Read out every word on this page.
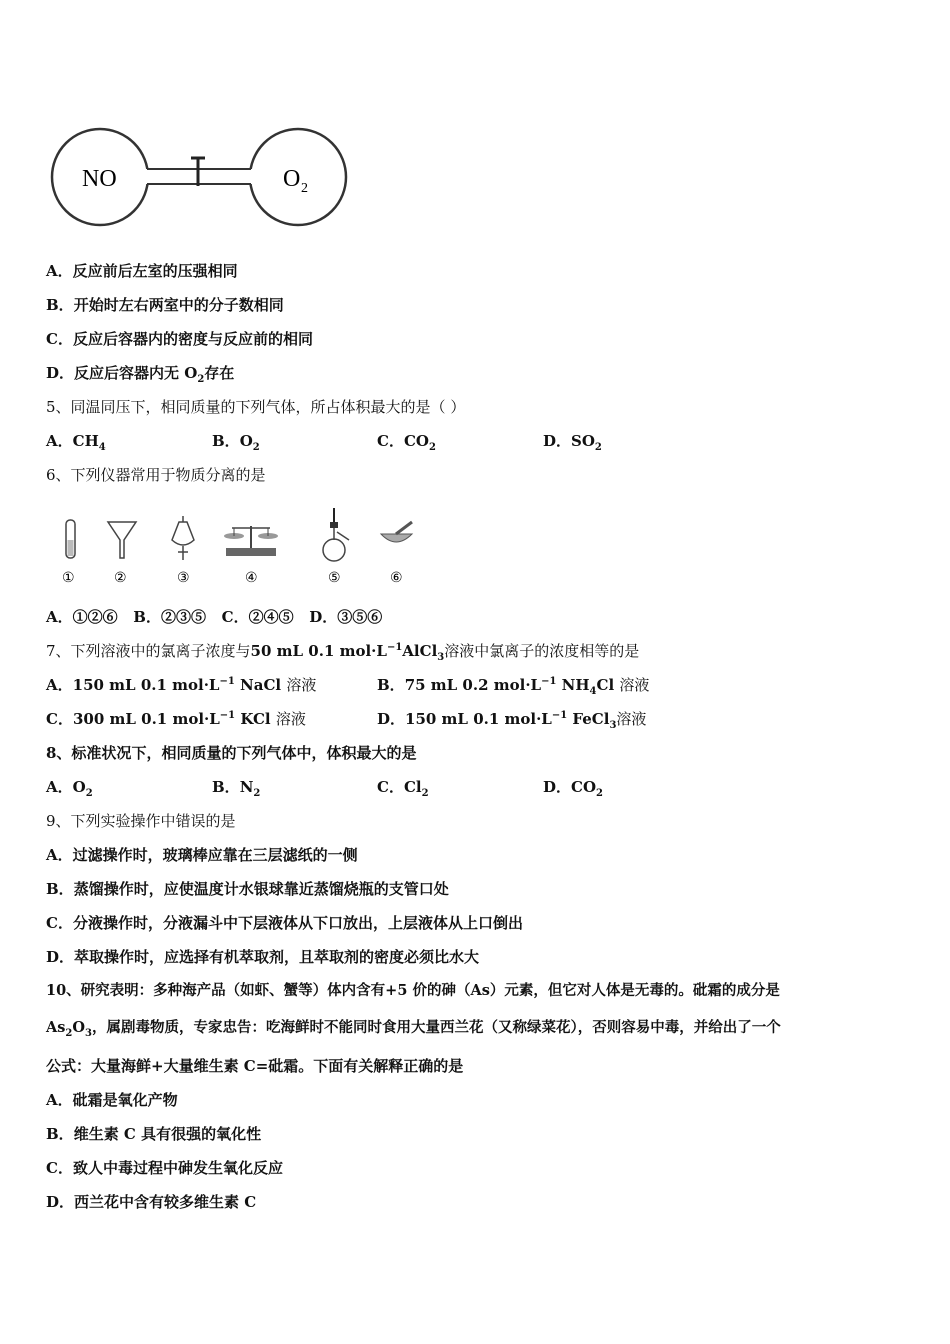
NO	O 2
A．反应前后左室的压强相同
B．开始时左右两室中的分子数相同
C．反应后容器内的密度与反应前的相同
D．反应后容器内无 $O_2$存在
5、同温同压下，相同质量的下列气体，所占体积最大的是（ ）
A．$CH_4$	B．$O_2$	C．$CO_2$	D．$SO_2$
6、下列仪器常用于物质分离的是
①	②	③	④	⑤	⑥
A．①②⑥   B．②③⑤   C．②④⑤   D．③⑤⑥
7、下列溶液中的氯离子浓度与50 mL 0.1 $mol\cdot L^{-1}AlCl_3$溶液中氯离子的浓度相等的是
A．150 mL 0.1 $mol\cdot L^{-1}$ NaCl 溶液	B．75 mL 0.2 $mol\cdot L^{-1}$ $NH_4Cl$ 溶液
C．300 mL 0.1 $mol\cdot L^{-1}$ KCl 溶液	D．150 mL 0.1 $mol\cdot L^{-1}$ FeCl$_3$溶液
8、标准状况下，相同质量的下列气体中，体积最大的是
A．$O_2$	B．$N_2$	C．$Cl_2$	D．$CO_2$
9、下列实验操作中错误的是
A．过滤操作时，玻璃棒应靠在三层滤纸的一侧
B．蒸馏操作时，应使温度计水银球靠近蒸馏烧瓶的支管口处
C．分液操作时，分液漏斗中下层液体从下口放出，上层液体从上口倒出
D．萃取操作时，应选择有机萃取剂，且萃取剂的密度必须比水大
10、研究表明：多种海产品（如虾、蟹等）体内含有+5 价的砷（As）元素，但它对人体是无毒的。砒霜的成分是
$As_2O_3$，属剧毒物质，专家忠告：吃海鲜时不能同时食用大量西兰花（又称绿菜花），否则容易中毒，并给出了一个
公式：大量海鲜+大量维生素 C=砒霜。下面有关解释正确的是
A．砒霜是氧化产物
B．维生素 C 具有很强的氧化性
C．致人中毒过程中砷发生氧化反应
D．西兰花中含有较多维生素 C
